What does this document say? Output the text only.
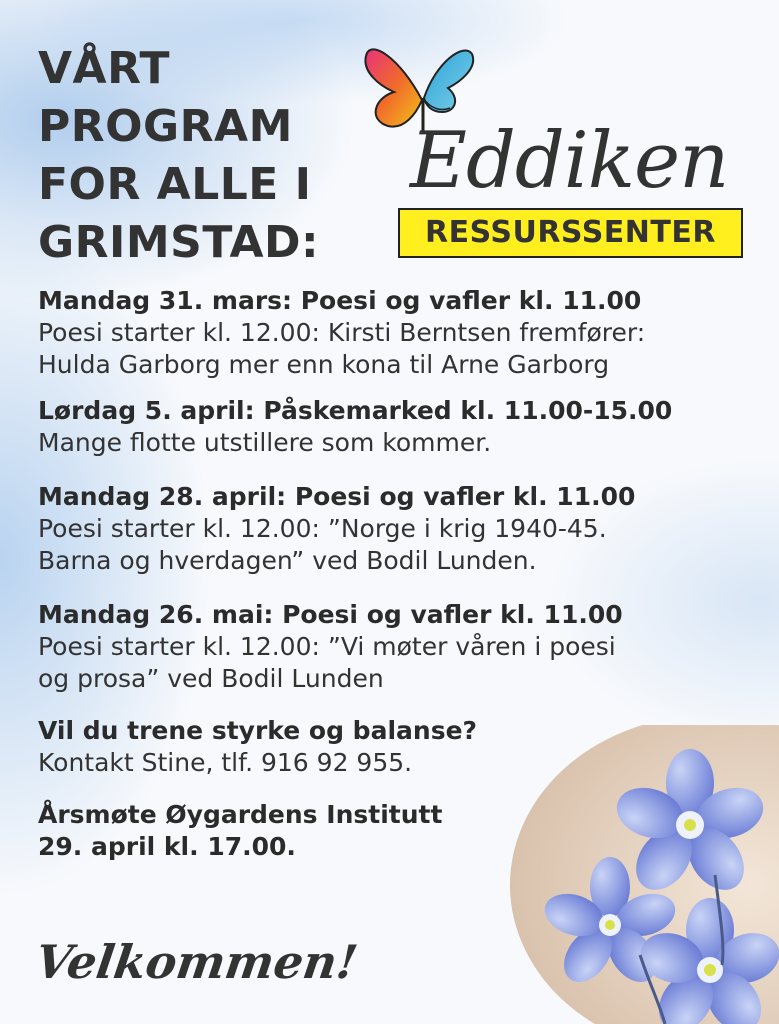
VÅRT
PROGRAM
FOR ALLE I
GRIMSTAD:
Eddiken
RESSURSSENTER
Mandag 31. mars: Poesi og vafler kl. 11.00
Poesi starter kl. 12.00: Kirsti Berntsen fremfører:
Hulda Garborg mer enn kona til Arne Garborg
Lørdag 5. april: Påskemarked kl. 11.00-15.00
Mange flotte utstillere som kommer.
Mandag 28. april: Poesi og vafler kl. 11.00
Poesi starter kl. 12.00: ”Norge i krig 1940-45.
Barna og hverdagen” ved Bodil Lunden.
Mandag 26. mai: Poesi og vafler kl. 11.00
Poesi starter kl. 12.00: ”Vi møter våren i poesi
og prosa” ved Bodil Lunden
Vil du trene styrke og balanse?
Kontakt Stine, tlf. 916 92 955.
Årsmøte Øygardens Institutt
29. april kl. 17.00.
Velkommen!
